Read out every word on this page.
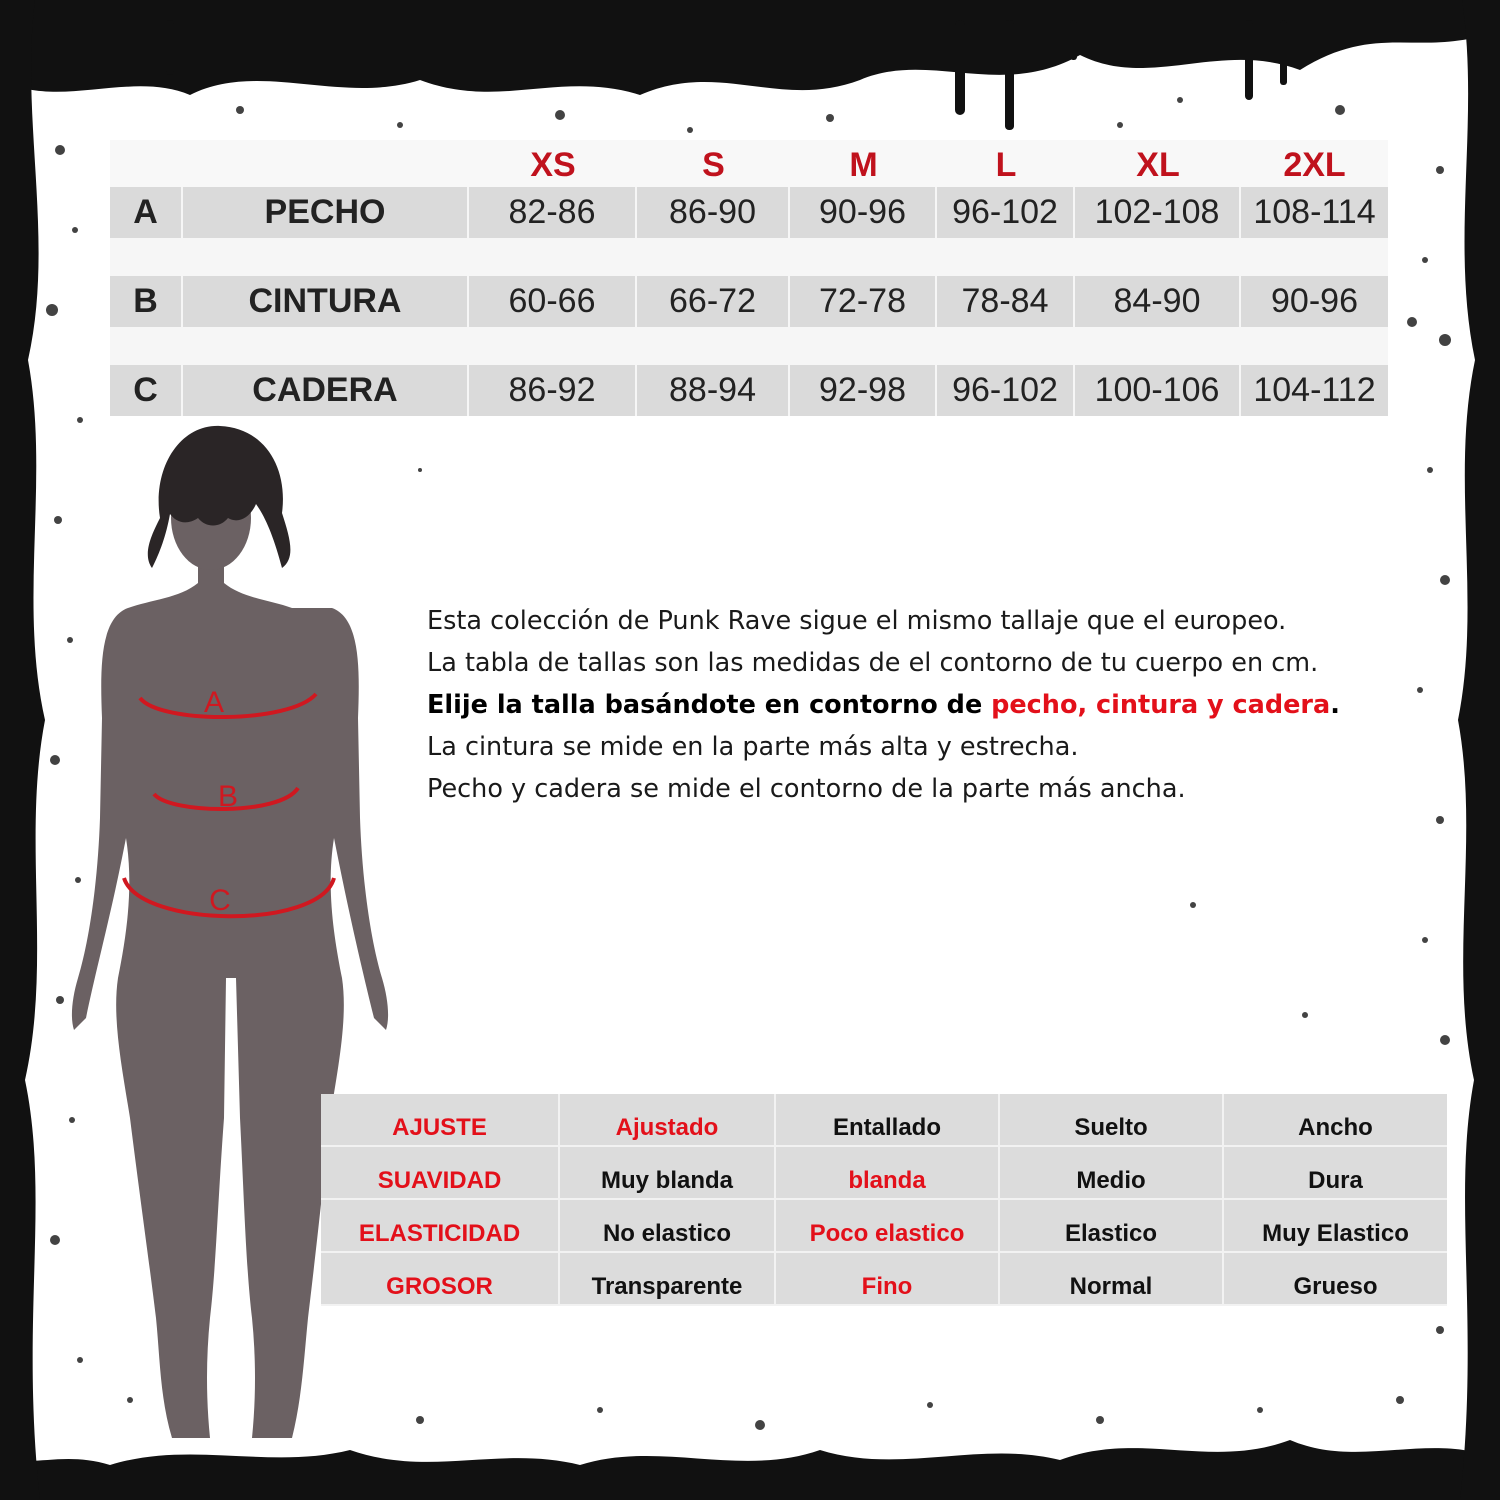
		XS	S	M	L	XL	2XL
A	PECHO	82-86	86-90	90-96	96-102	102-108	108-114

B	CINTURA	60-66	66-72	72-78	78-84	84-90	90-96

C	CADERA	86-92	88-94	92-98	96-102	100-106	104-112
A
B
C

Esta colección de Punk Rave sigue el mismo tallaje que el europeo.

La tabla de tallas son las medidas de el contorno de tu cuerpo en cm.

Elije la talla basándote en contorno de pecho, cintura y cadera.

La cintura se mide en la parte más alta y estrecha.

Pecho y cadera se mide el contorno de la parte más ancha.

AJUSTE	Ajustado	Entallado	Suelto	Ancho
SUAVIDAD	Muy blanda	blanda	Medio	Dura
ELASTICIDAD	No elastico	Poco elastico	Elastico	Muy Elastico
GROSOR	Transparente	Fino	Normal	Grueso
